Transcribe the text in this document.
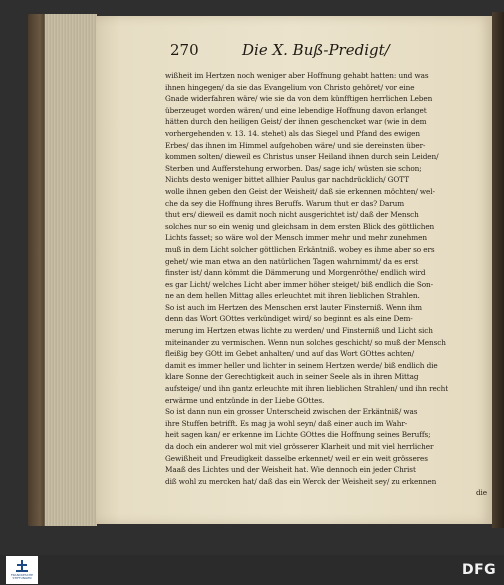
270	Die X. Buß-Predigt/
wißheit im Hertzen noch weniger aber Hoffnung gehabt hatten: und was
ihnen hingegen/ da sie das Evangelium von Christo gehöret/ vor eine
Gnade widerfahren wäre/ wie sie da von dem künfftigen herrlichen Leben
überzeuget worden wären/ und eine lebendige Hoffnung davon erlanget
hätten durch den heiligen Geist/ der ihnen geschencket war (wie in dem
vorhergehenden v. 13. 14. stehet) als das Siegel und Pfand des ewigen
Erbes/ das ihnen im Himmel aufgehoben wäre/ und sie dereinsten über-
kommen solten/ dieweil es Christus unser Heiland ihnen durch sein Leiden/
Sterben und Aufferstehung erworben. Das/ sage ich/ wüsten sie schon;
Nichts desto weniger bittet allhier Paulus gar nachdrücklich/ GOTT
wolle ihnen geben den Geist der Weisheit/ daß sie erkennen möchten/ wel-
che da sey die Hoffnung ihres Beruffs. Warum thut er das? Darum
thut ers/ dieweil es damit noch nicht ausgerichtet ist/ daß der Mensch
solches nur so ein wenig und gleichsam in dem ersten Blick des göttlichen
Lichts fasset; so wäre wol der Mensch immer mehr und mehr zunehmen
muß in dem Licht solcher göttlichen Erkäntniß. wobey es ihme aber so ers
gehet/ wie man etwa an den natürlichen Tagen wahrnimmt/ da es erst
finster ist/ dann kömmt die Dämmerung und Morgenröthe/ endlich wird
es gar Licht/ welches Licht aber immer höher steiget/ biß endlich die Son-
ne an dem hellen Mittag alles erleuchtet mit ihren lieblichen Strahlen.
So ist auch im Hertzen des Menschen erst lauter Finsterniß. Wenn ihm
denn das Wort GOttes verkündiget wird/ so beginnt es als eine Dem-
merung im Hertzen etwas lichte zu werden/ und Finsterniß und Licht sich
miteinander zu vermischen. Wenn nun solches geschicht/ so muß der Mensch
fleißig bey GOtt im Gebet anhalten/ und auf das Wort GOttes achten/
damit es immer heller und lichter in seinem Hertzen werde/ biß endlich die
klare Sonne der Gerechtigkeit auch in seiner Seele als in ihren Mittag
aufsteige/ und ihn gantz erleuchte mit ihren lieblichen Strahlen/ und ihn recht
erwärme und entzünde in der Liebe GOttes.
So ist dann nun ein grosser Unterscheid zwischen der Erkäntniß/ was
ihre Stuffen betrifft. Es mag ja wohl seyn/ daß einer auch im Wahr-
heit sagen kan/ er erkenne im Lichte GOttes die Hoffnung seines Beruffs;
da doch ein anderer wol mit viel grösserer Klarheit und mit viel herrlicher
Gewißheit und Freudigkeit dasselbe erkennet/ weil er ein weit grösseres
Maaß des Lichtes und der Weisheit hat. Wie dennoch ein jeder Christ
diß wohl zu mercken hat/ daß das ein Werck der Weisheit sey/ zu erkennen
die
FRANCKESCHE
STIFTUNGEN	DFG
